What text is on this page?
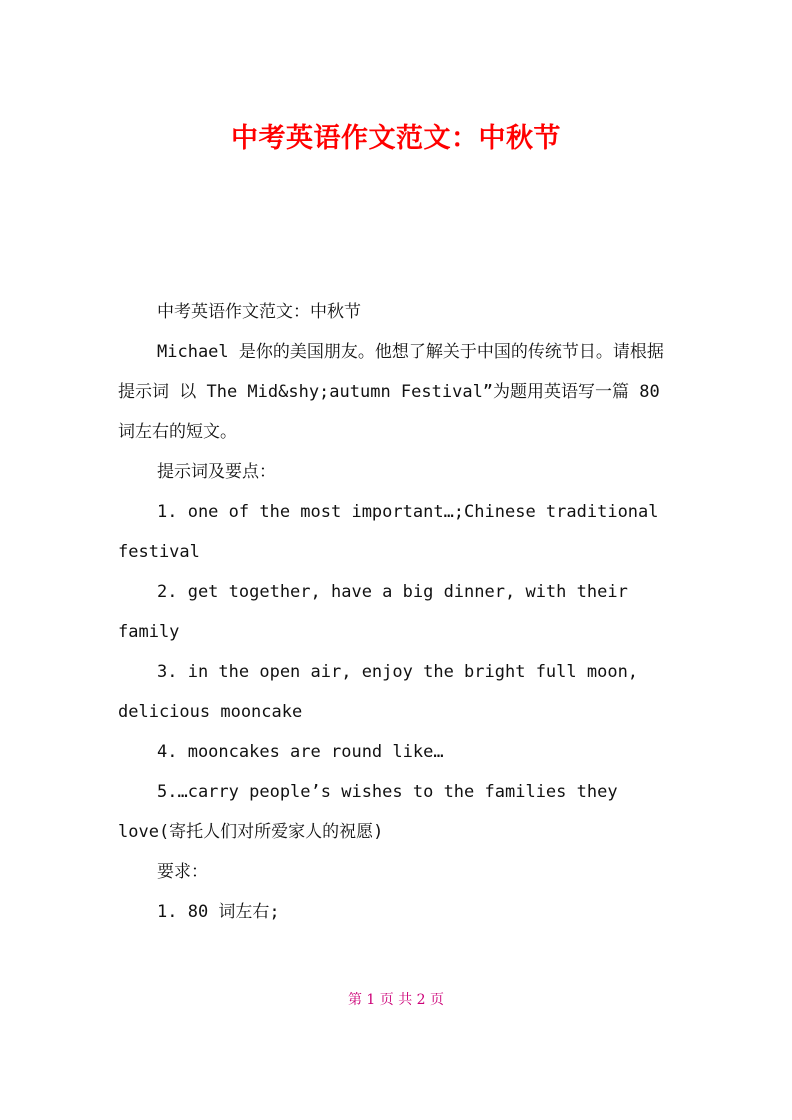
中考英语作文范文：中秋节

中考英语作文范文：中秋节

Michael 是你的美国朋友。他想了解关于中国的传统节日。请根据提示词 以 The Mid&shy;autumn Festival”为题用英语写一篇 80 词左右的短文。

提示词及要点：

1. one of the most important…;Chinese traditional festival

2. get together, have a big dinner, with their family

3. in the open air, enjoy the bright full moon, delicious mooncake

4. mooncakes are round like…

5.…carry people’s wishes to the families they love(寄托人们对所爱家人的祝愿)

要求：

1. 80 词左右;

第 1 页 共 2 页
